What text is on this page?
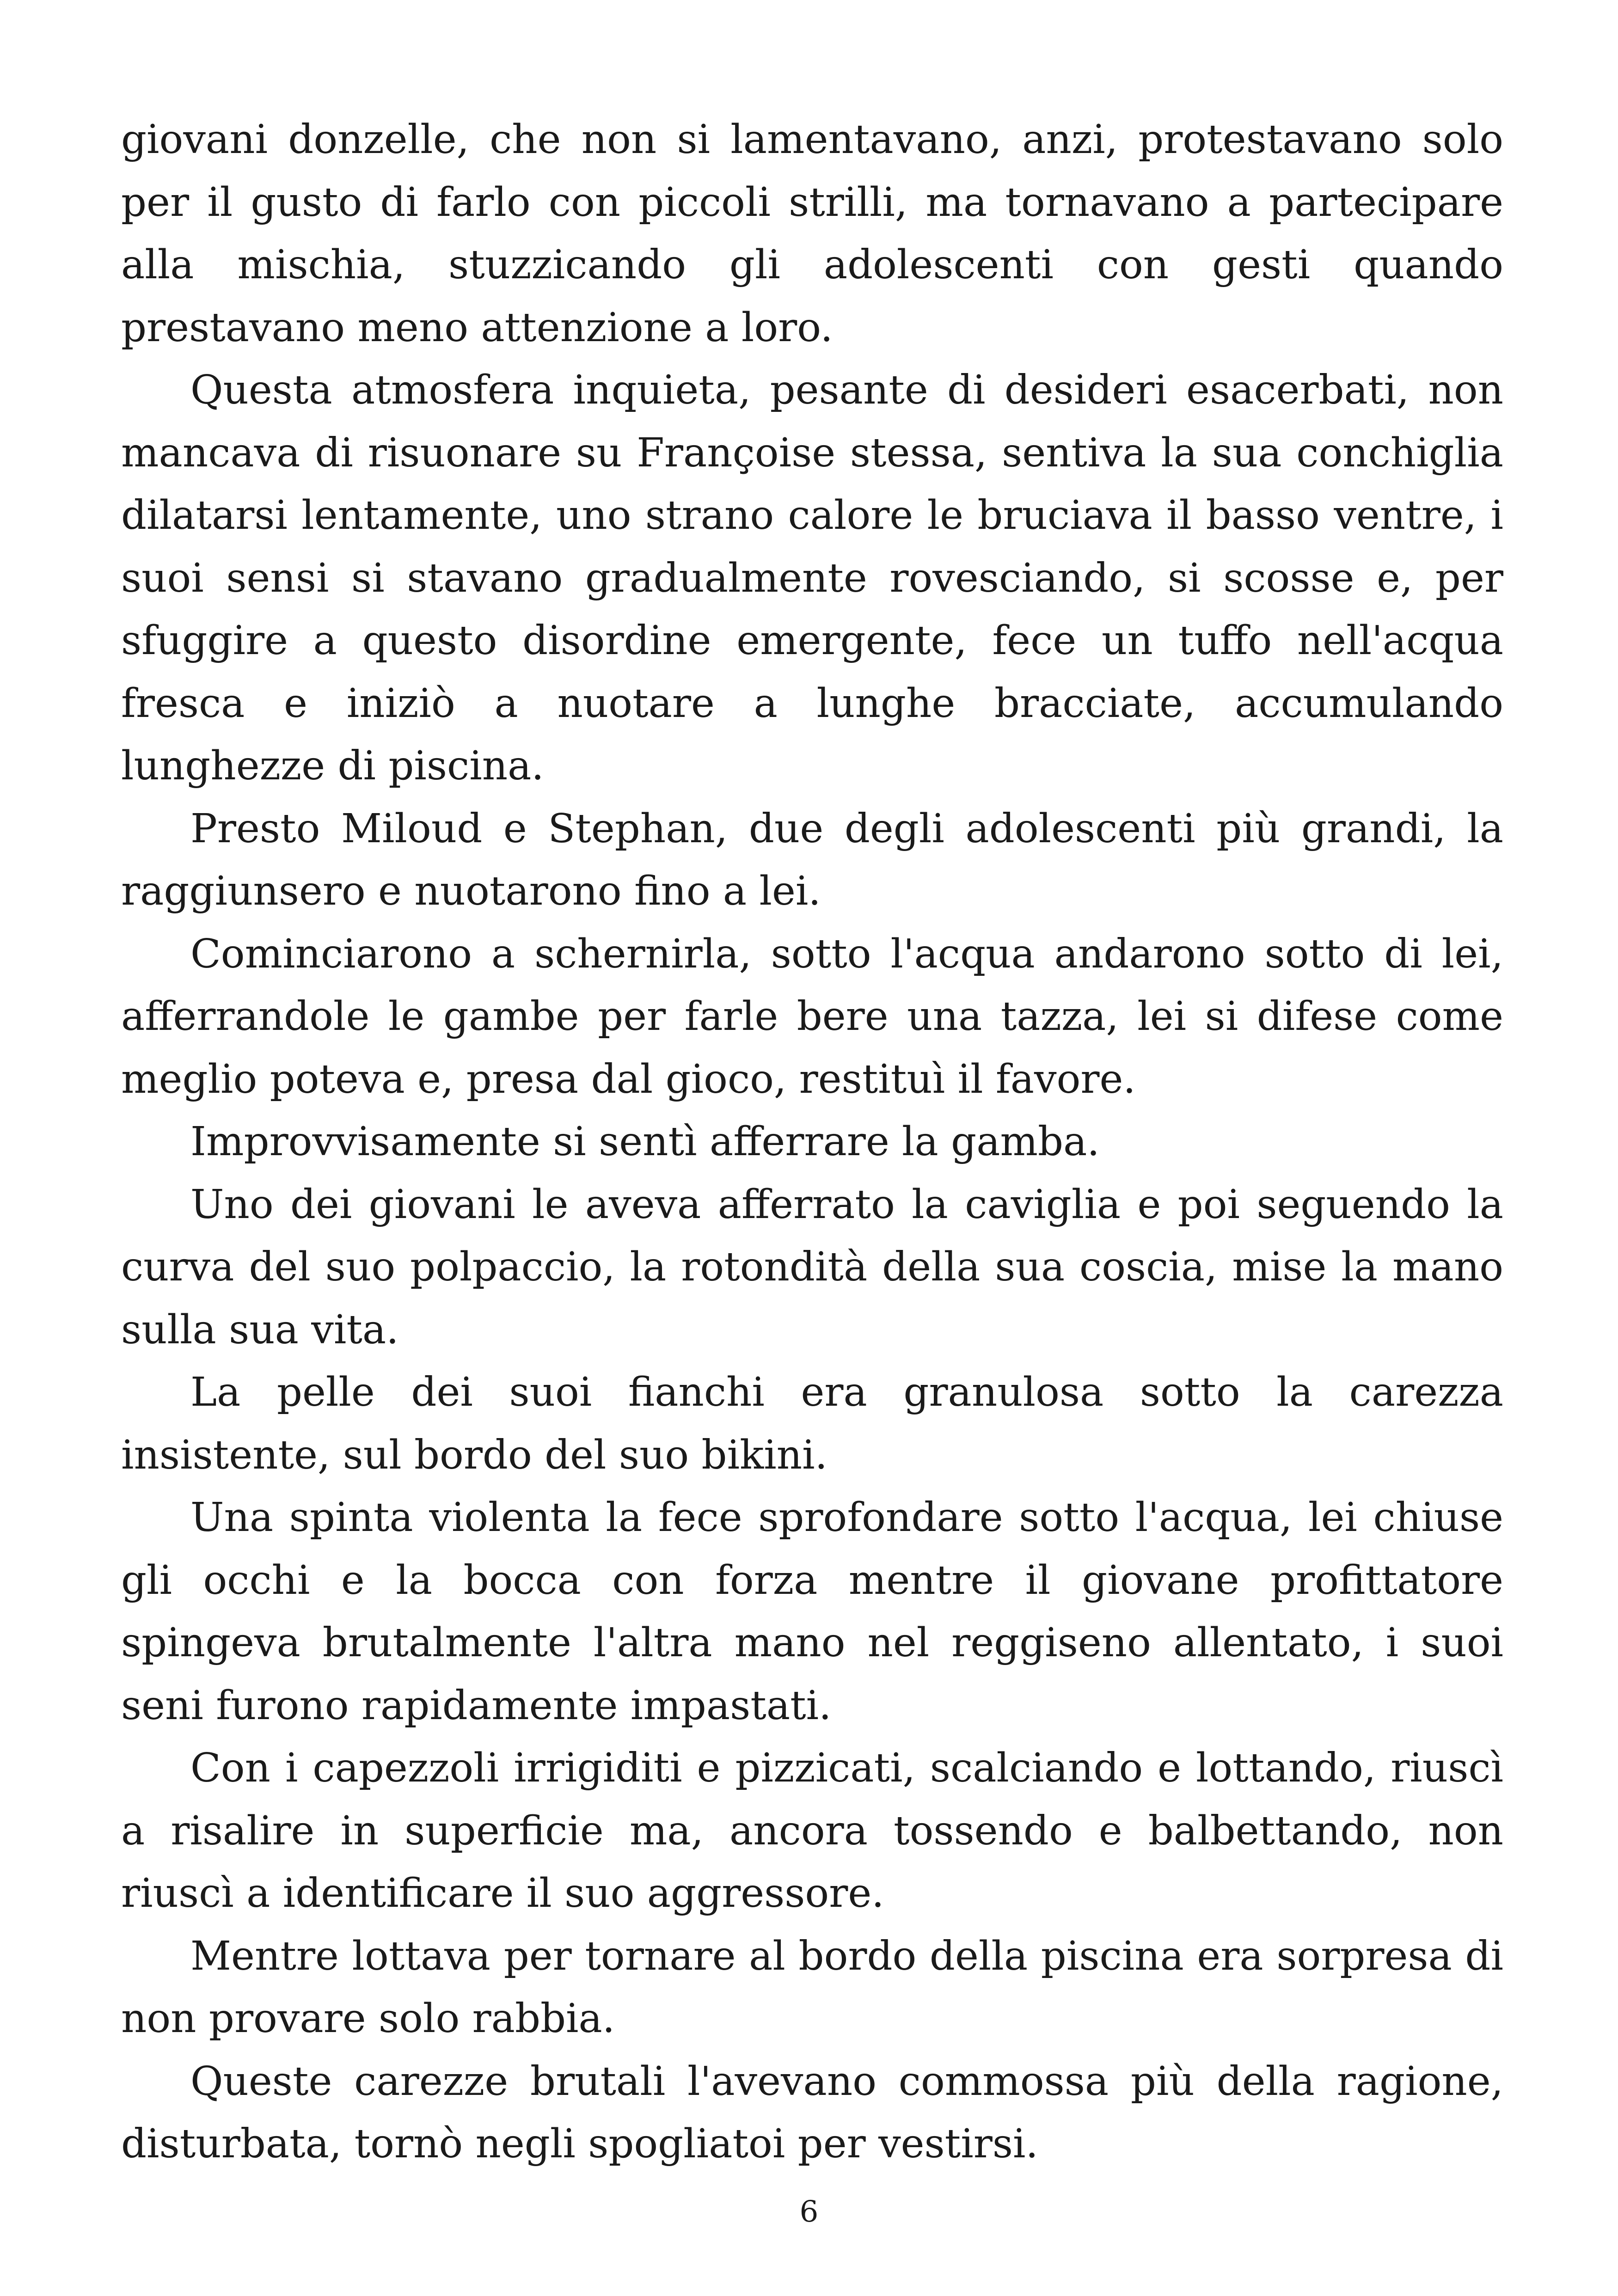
giovani donzelle, che non si lamentavano, anzi, protestavano solo per il gusto di farlo con piccoli strilli, ma tornavano a partecipare alla mischia, stuzzicando gli adolescenti con gesti quando prestavano meno attenzione a loro.

Questa atmosfera inquieta, pesante di desideri esacerbati, non mancava di risuonare su Françoise stessa, sentiva la sua conchiglia dilatarsi lentamente, uno strano calore le bruciava il basso ventre, i suoi sensi si stavano gradualmente rovesciando, si scosse e, per sfuggire a questo disordine emergente, fece un tuffo nell'acqua fresca e iniziò a nuotare a lunghe bracciate, accumulando lunghezze di piscina.

Presto Miloud e Stephan, due degli adolescenti più grandi, la raggiunsero e nuotarono fino a lei.

Cominciarono a schernirla, sotto l'acqua andarono sotto di lei, afferrandole le gambe per farle bere una tazza, lei si difese come meglio poteva e, presa dal gioco, restituì il favore.

Improvvisamente si sentì afferrare la gamba.

Uno dei giovani le aveva afferrato la caviglia e poi seguendo la curva del suo polpaccio, la rotondità della sua coscia, mise la mano sulla sua vita.

La pelle dei suoi fianchi era granulosa sotto la carezza insistente, sul bordo del suo bikini.

Una spinta violenta la fece sprofondare sotto l'acqua, lei chiuse gli occhi e la bocca con forza mentre il giovane profittatore spingeva brutalmente l'altra mano nel reggiseno allentato, i suoi seni furono rapidamente impastati.

Con i capezzoli irrigiditi e pizzicati, scalciando e lottando, riuscì a risalire in superficie ma, ancora tossendo e balbettando, non riuscì a identificare il suo aggressore.

Mentre lottava per tornare al bordo della piscina era sorpresa di non provare solo rabbia.

Queste carezze brutali l'avevano commossa più della ragione, disturbata, tornò negli spogliatoi per vestirsi.

6
